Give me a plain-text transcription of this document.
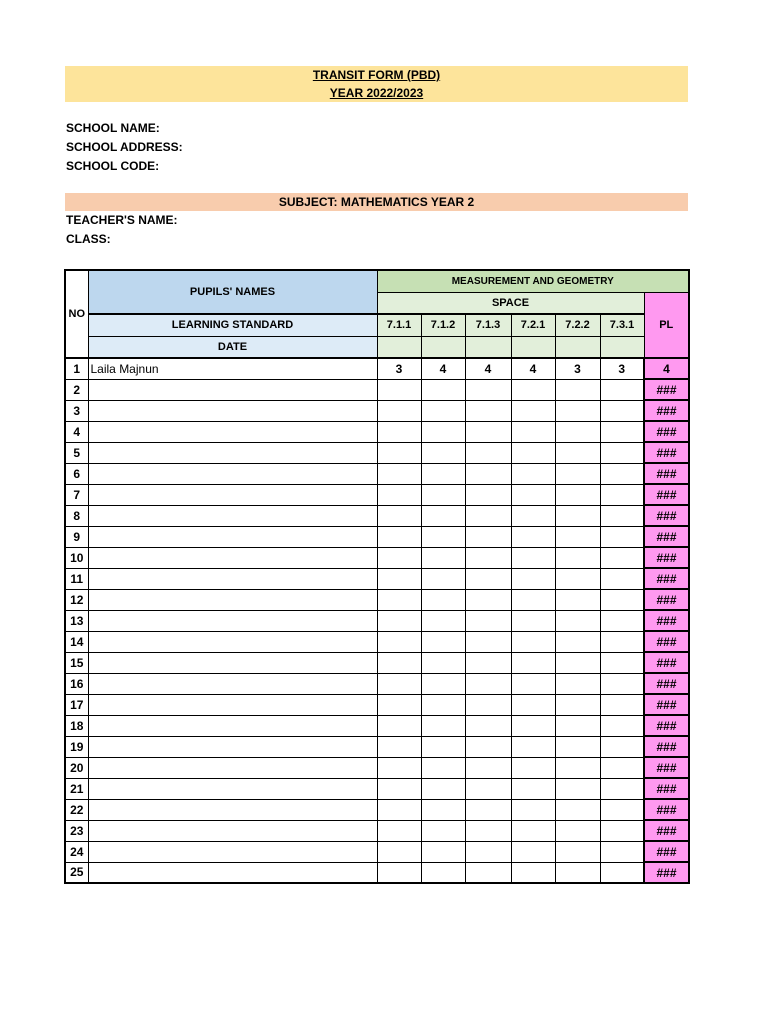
TRANSIT FORM (PBD)
YEAR 2022/2023
SCHOOL NAME:
SCHOOL ADDRESS:
SCHOOL CODE:
SUBJECT: MATHEMATICS YEAR 2
TEACHER'S NAME:
CLASS:
NO	PUPILS' NAMES	MEASUREMENT AND GEOMETRY						
		SPACE						PL
	LEARNING STANDARD	7.1.1	7.1.2	7.1.3	7.2.1	7.2.2	7.3.1	
	DATE							
1	Laila Majnun	3	4	4	4	3	3	4
2								###
3								###
4								###
5								###
6								###
7								###
8								###
9								###
10								###
11								###
12								###
13								###
14								###
15								###
16								###
17								###
18								###
19								###
20								###
21								###
22								###
23								###
24								###
25								###
